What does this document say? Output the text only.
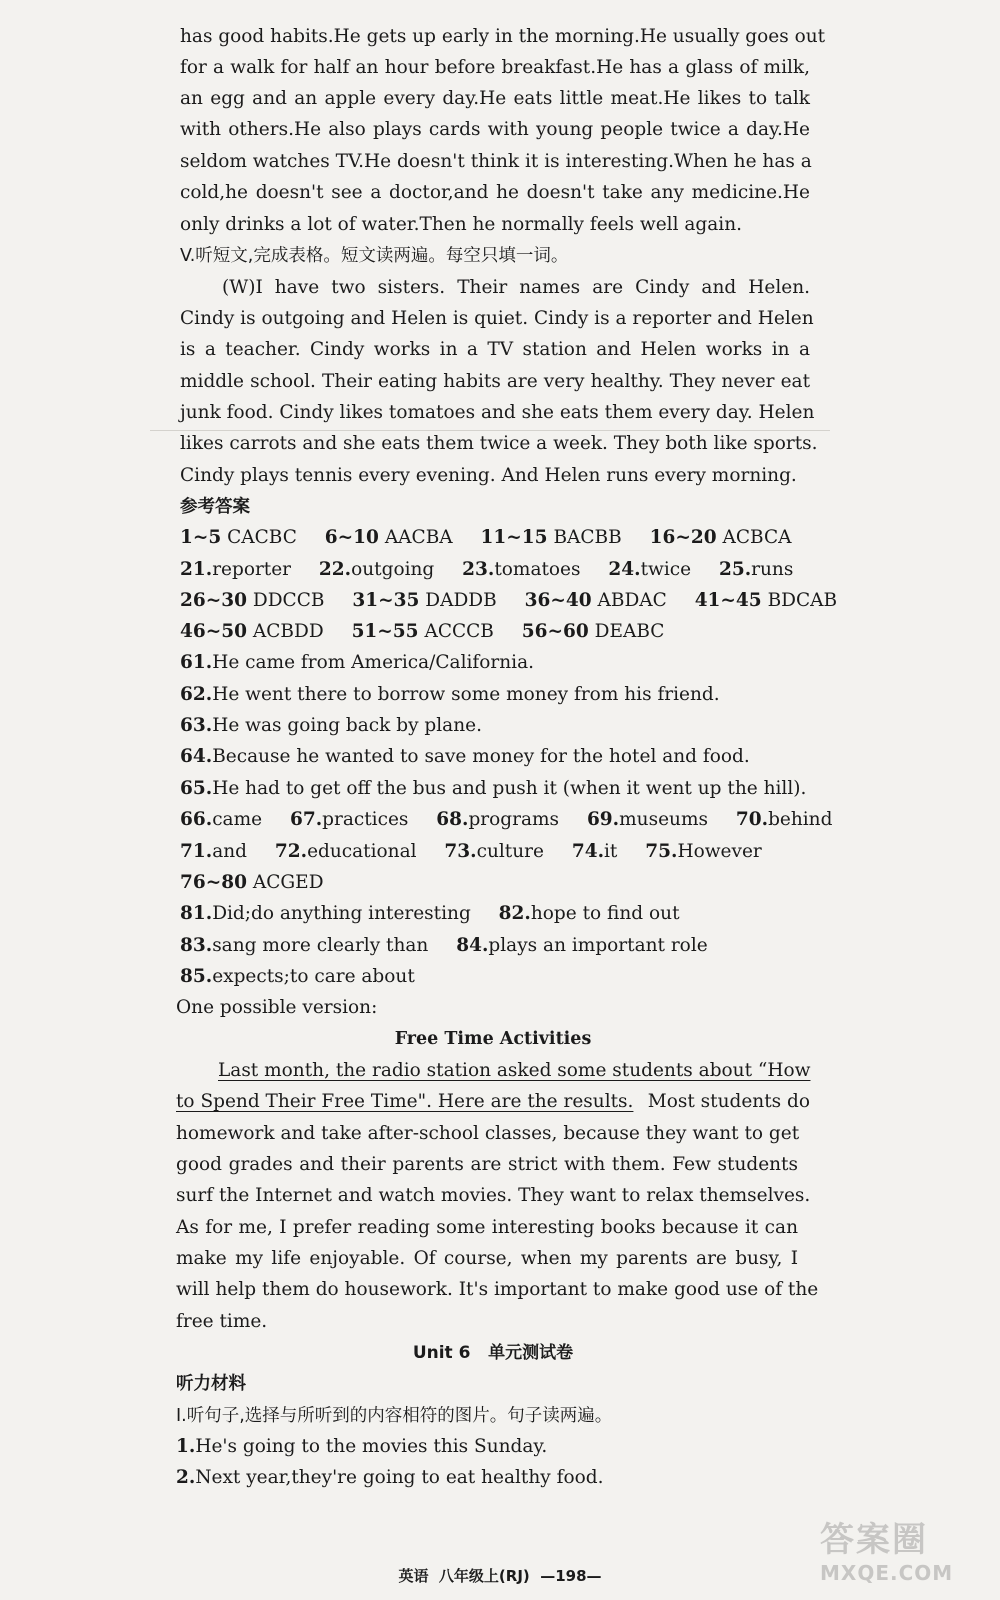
has good habits.He gets up early in the morning.He usually goes out
for a walk for half an hour before breakfast.He has a glass of milk,
an egg and an apple every day.He eats little meat.He likes to talk
with others.He also plays cards with young people twice a day.He
seldom watches TV.He doesn't think it is interesting.When he has a
cold,he doesn't see a doctor,and he doesn't take any medicine.He
only drinks a lot of water.Then he normally feels well again.
V.听短文,完成表格。短文读两遍。每空只填一词。
(W)I have two sisters. Their names are Cindy and Helen.
Cindy is outgoing and Helen is quiet. Cindy is a reporter and Helen
is a teacher. Cindy works in a TV station and Helen works in a
middle school. Their eating habits are very healthy. They never eat
junk food. Cindy likes tomatoes and she eats them every day. Helen
likes carrots and she eats them twice a week. They both like sports.
Cindy plays tennis every evening. And Helen runs every morning.
参考答案
1~5 CACBC 6~10 AACBA 11~15 BACBB 16~20 ACBCA
21.reporter 22.outgoing 23.tomatoes 24.twice 25.runs
26~30 DDCCB 31~35 DADDB 36~40 ABDAC 41~45 BDCAB
46~50 ACBDD 51~55 ACCCB 56~60 DEABC
61.He came from America/California.
62.He went there to borrow some money from his friend.
63.He was going back by plane.
64.Because he wanted to save money for the hotel and food.
65.He had to get off the bus and push it (when it went up the hill).
66.came 67.practices 68.programs 69.museums 70.behind
71.and 72.educational 73.culture 74.it 75.However
76~80 ACGED
81.Did;do anything interesting 82.hope to find out
83.sang more clearly than 84.plays an important role
85.expects;to care about
One possible version:
Free Time Activities
Last month, the radio station asked some students about “How
to Spend Their Free Time". Here are the results. Most students do
homework and take after-school classes, because they want to get
good grades and their parents are strict with them. Few students
surf the Internet and watch movies. They want to relax themselves.
As for me, I prefer reading some interesting books because it can
make my life enjoyable. Of course, when my parents are busy, I
will help them do housework. It's important to make good use of the
free time.
Unit 6   单元测试卷
听力材料
Ⅰ.听句子,选择与所听到的内容相符的图片。句子读两遍。
1.He's going to the movies this Sunday.
2.Next year,they're going to eat healthy food.
英语  八年级上(RJ)  —198—
答案圈
MXQE.COM
